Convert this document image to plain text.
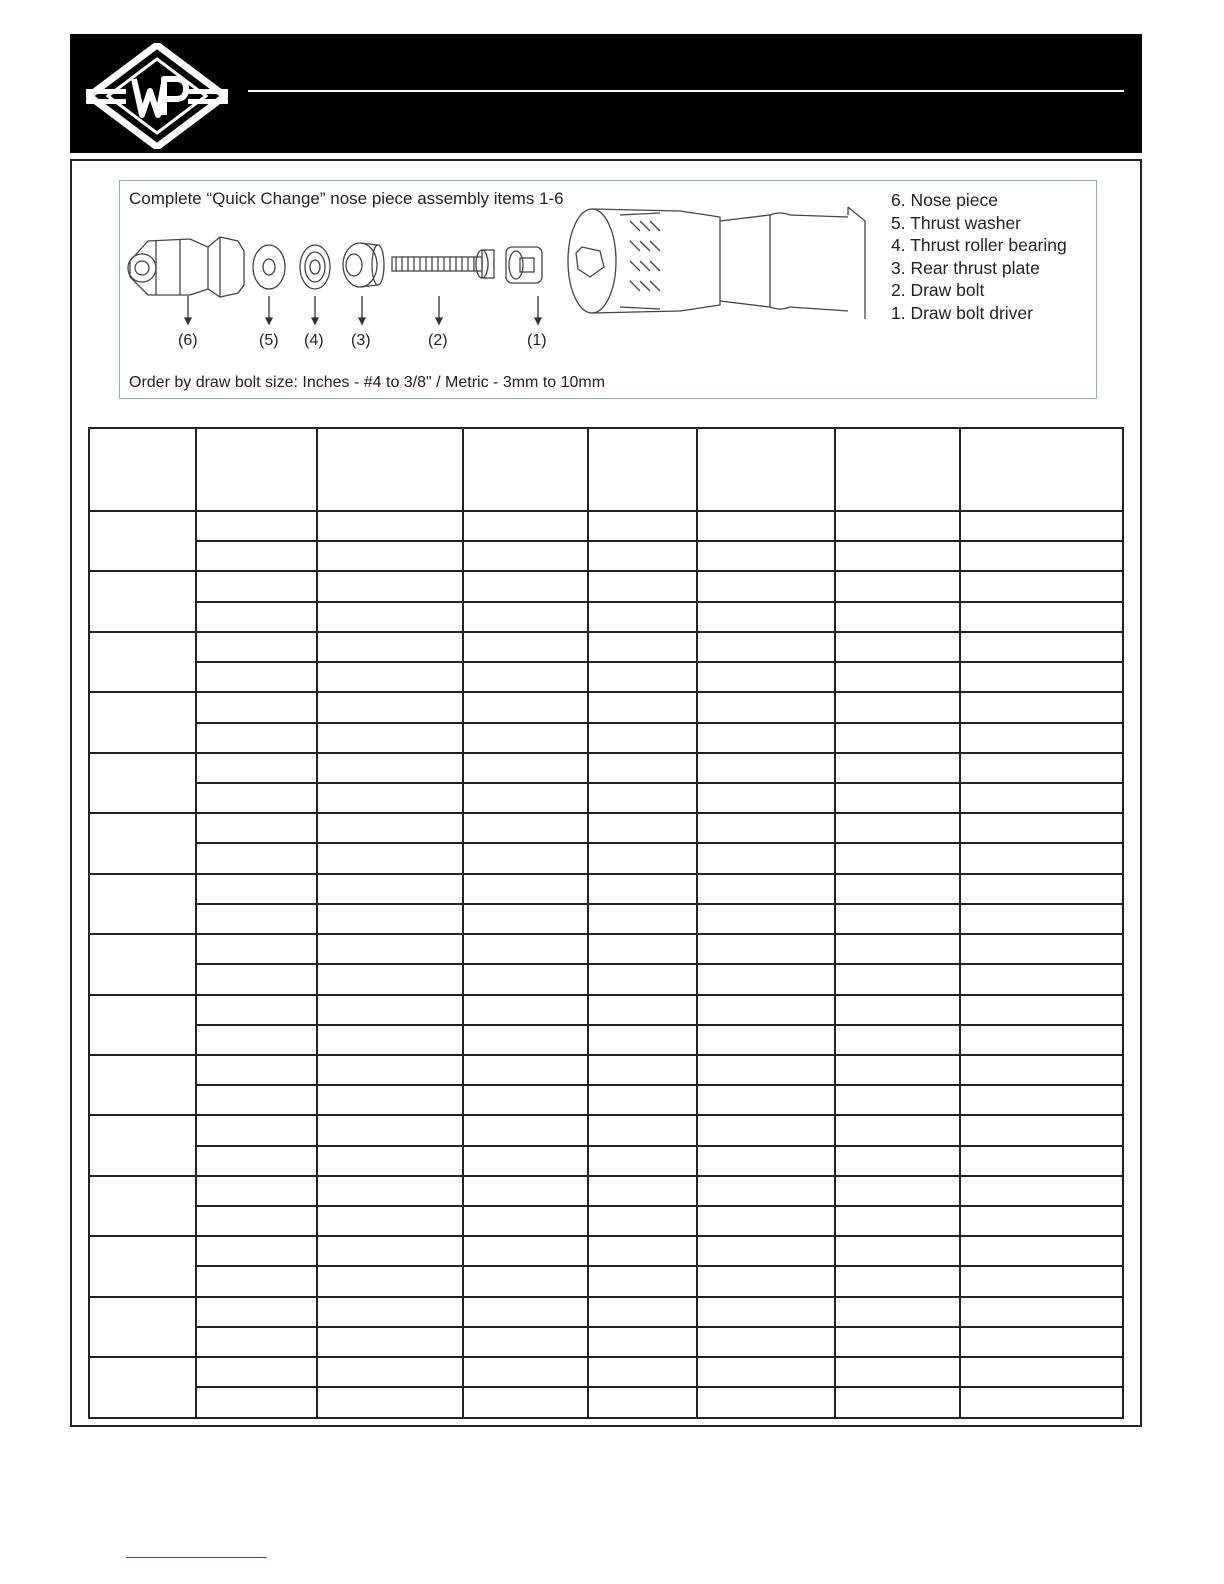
Complete “Quick Change” nose piece assembly items 1-6
(6)	(5) (4) (3)	(2)	(1)
6. Nose piece
5. Thrust washer
4. Thrust roller bearing
3. Rear thrust plate
2. Draw bolt
1. Draw bolt driver
Order by draw bolt size: Inches - #4 to 3/8" / Metric - 3mm to 10mm
